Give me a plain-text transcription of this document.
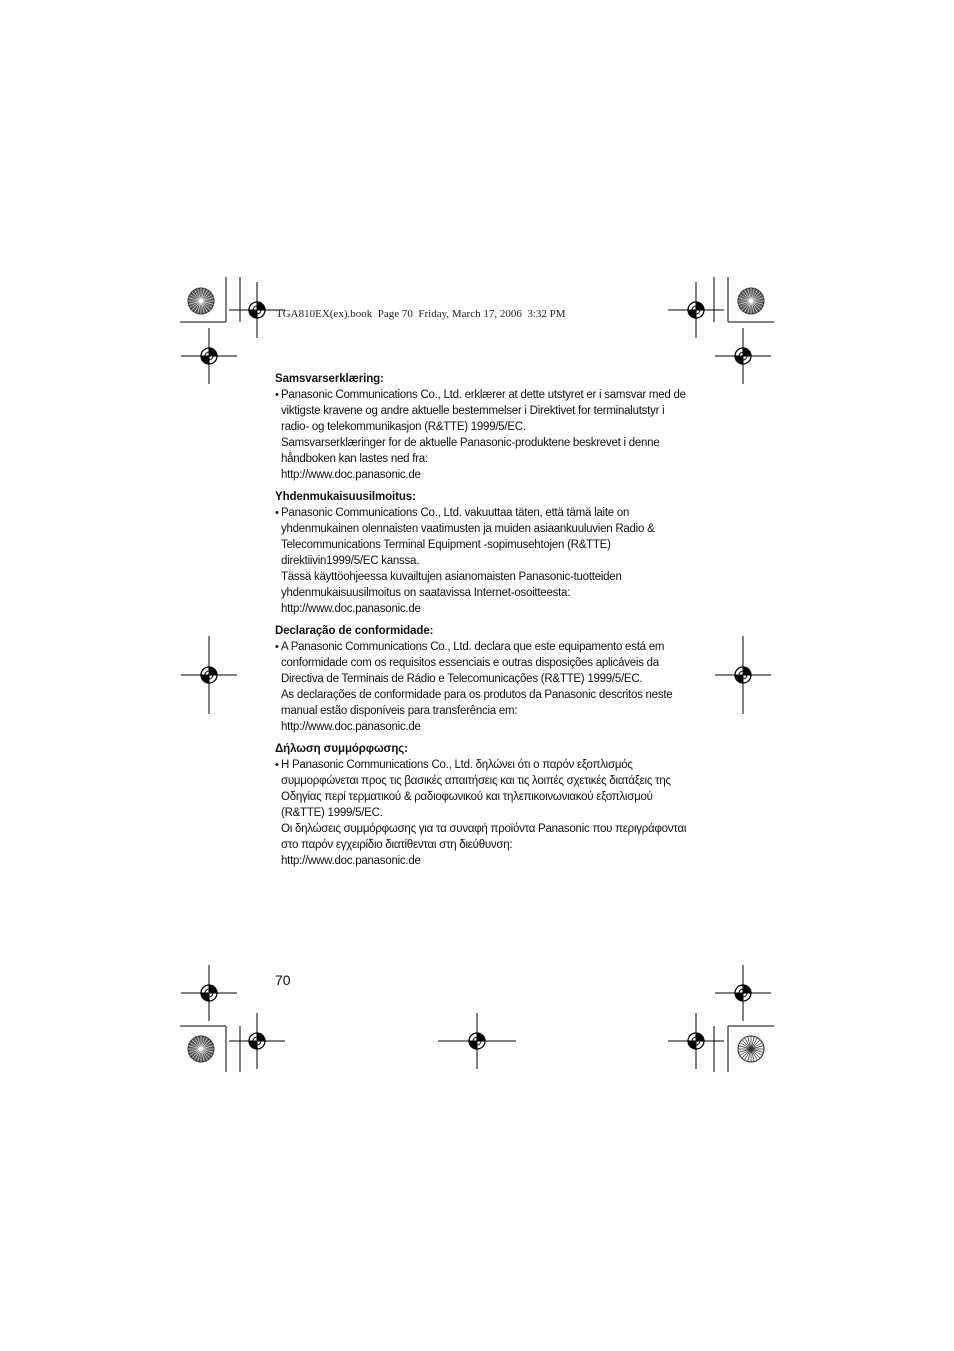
TGA810EX(ex).book  Page 70  Friday, March 17, 2006  3:32 PM
Samsvarserklæring:
• Panasonic Communications Co., Ltd. erklærer at dette utstyret er i samsvar med de
viktigste kravene og andre aktuelle bestemmelser i Direktivet for terminalutstyr i
radio- og telekommunikasjon (R&TTE) 1999/5/EC.
Samsvarserklæringer for de aktuelle Panasonic-produktene beskrevet i denne
håndboken kan lastes ned fra:
http://www.doc.panasonic.de
Yhdenmukaisuusilmoitus:
• Panasonic Communications Co., Ltd. vakuuttaa täten, että tämä laite on
yhdenmukainen olennaisten vaatimusten ja muiden asiaankuuluvien Radio &
Telecommunications Terminal Equipment -sopimusehtojen (R&TTE)
direktiivin1999/5/EC kanssa.
Tässä käyttöohjeessa kuvailtujen asianomaisten Panasonic-tuotteiden
yhdenmukaisuusilmoitus on saatavissa Internet-osoitteesta:
http://www.doc.panasonic.de
Declaração de conformidade:
• A Panasonic Communications Co., Ltd. declara que este equipamento está em
conformidade com os requisitos essenciais e outras disposições aplicáveis da
Directiva de Terminais de Rádio e Telecomunicações (R&TTE) 1999/5/EC.
As declarações de conformidade para os produtos da Panasonic descritos neste
manual estão disponíveis para transferência em:
http://www.doc.panasonic.de
Δήλωση συμμόρφωσης:
• Η Panasonic Communications Co., Ltd. δηλώνει ότι ο παρόν εξοπλισμός
συμμορφώνεται προς τις βασικές απαιτήσεις και τις λοιπές σχετικές διατάξεις της
Οδηγίας περί τερματικού & ραδιοφωνικού και τηλεπικοινωνιακού εξοπλισμού
(R&TTE) 1999/5/EC.
Οι δηλώσεις συμμόρφωσης για τα συναφή προϊόντα Panasonic που περιγράφονται
στο παρόν εγχειρίδιο διατίθενται στη διεύθυνση:
http://www.doc.panasonic.de
70
